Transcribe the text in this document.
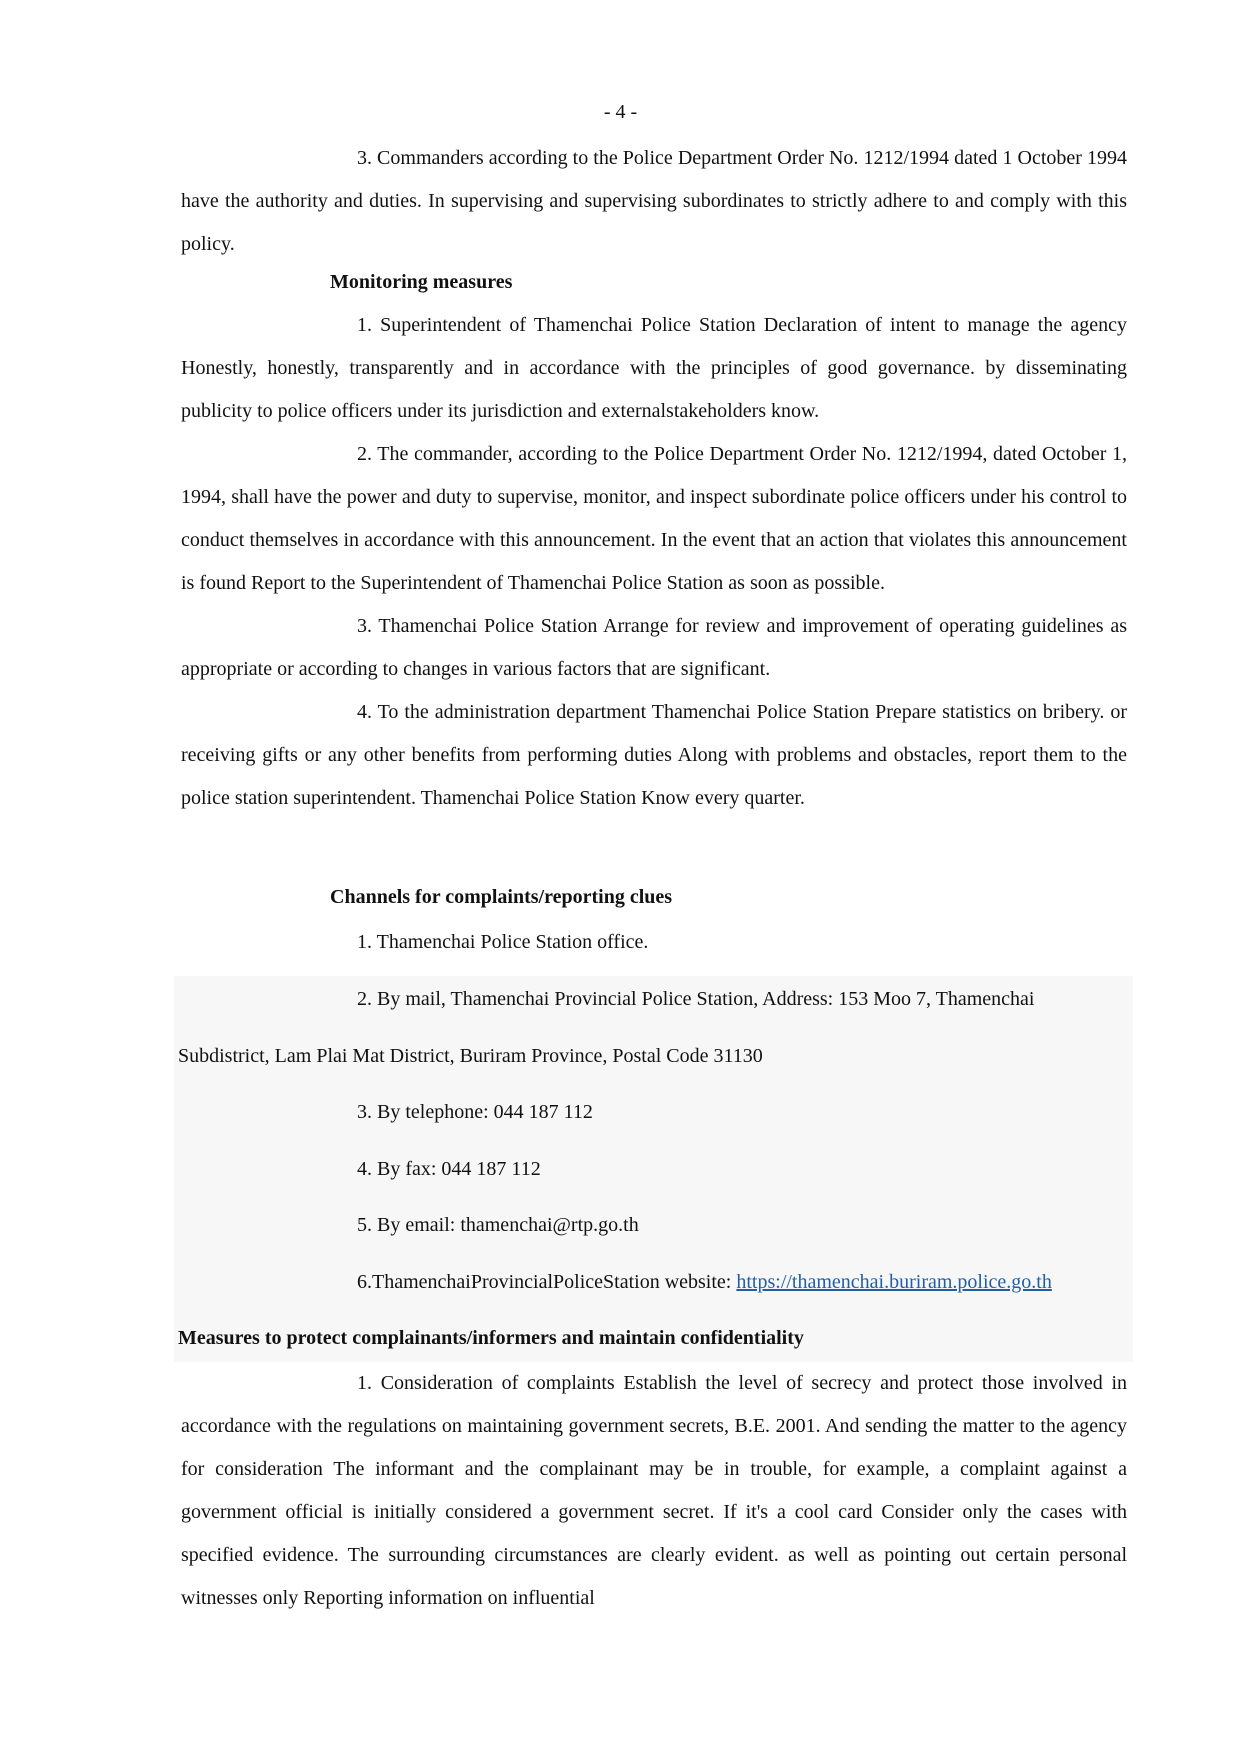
- 4 -
3. Commanders according to the Police Department Order No. 1212/1994 dated 1 October 1994 have the authority and duties. In supervising and supervising subordinates to strictly adhere to and comply with this policy.
Monitoring measures
1. Superintendent of Thamenchai Police Station Declaration of intent to manage the agency Honestly, honestly, transparently and in accordance with the principles of good governance. by disseminating publicity to police officers under its jurisdiction and externalstakeholders know.
2. The commander, according to the Police Department Order No. 1212/1994, dated October 1, 1994, shall have the power and duty to supervise, monitor, and inspect subordinate police officers under his control to conduct themselves in accordance with this announcement. In the event that an action that violates this announcement is found Report to the Superintendent of Thamenchai Police Station as soon as possible.
3. Thamenchai Police Station Arrange for review and improvement of operating guidelines as appropriate or according to changes in various factors that are significant.
4. To the administration department Thamenchai Police Station Prepare statistics on bribery. or receiving gifts or any other benefits from performing duties Along with problems and obstacles, report them to the police station superintendent. Thamenchai Police Station Know every quarter.
Channels for complaints/reporting clues
1. Thamenchai Police Station office.
2. By mail, Thamenchai Provincial Police Station, Address: 153 Moo 7, Thamenchai
Subdistrict, Lam Plai Mat District, Buriram Province, Postal Code 31130
3. By telephone: 044 187 112
4. By fax: 044 187 112
5. By email: thamenchai@rtp.go.th
6.ThamenchaiProvincialPoliceStation website: https://thamenchai.buriram.police.go.th
Measures to protect complainants/informers and maintain confidentiality
1. Consideration of complaints Establish the level of secrecy and protect those involved in accordance with the regulations on maintaining government secrets, B.E. 2001. And sending the matter to the agency for consideration The informant and the complainant may be in trouble, for example, a complaint against a government official is initially considered a government secret. If it's a cool card Consider only the cases with specified evidence. The surrounding circumstances are clearly evident. as well as pointing out certain personal witnesses only Reporting information on influential
